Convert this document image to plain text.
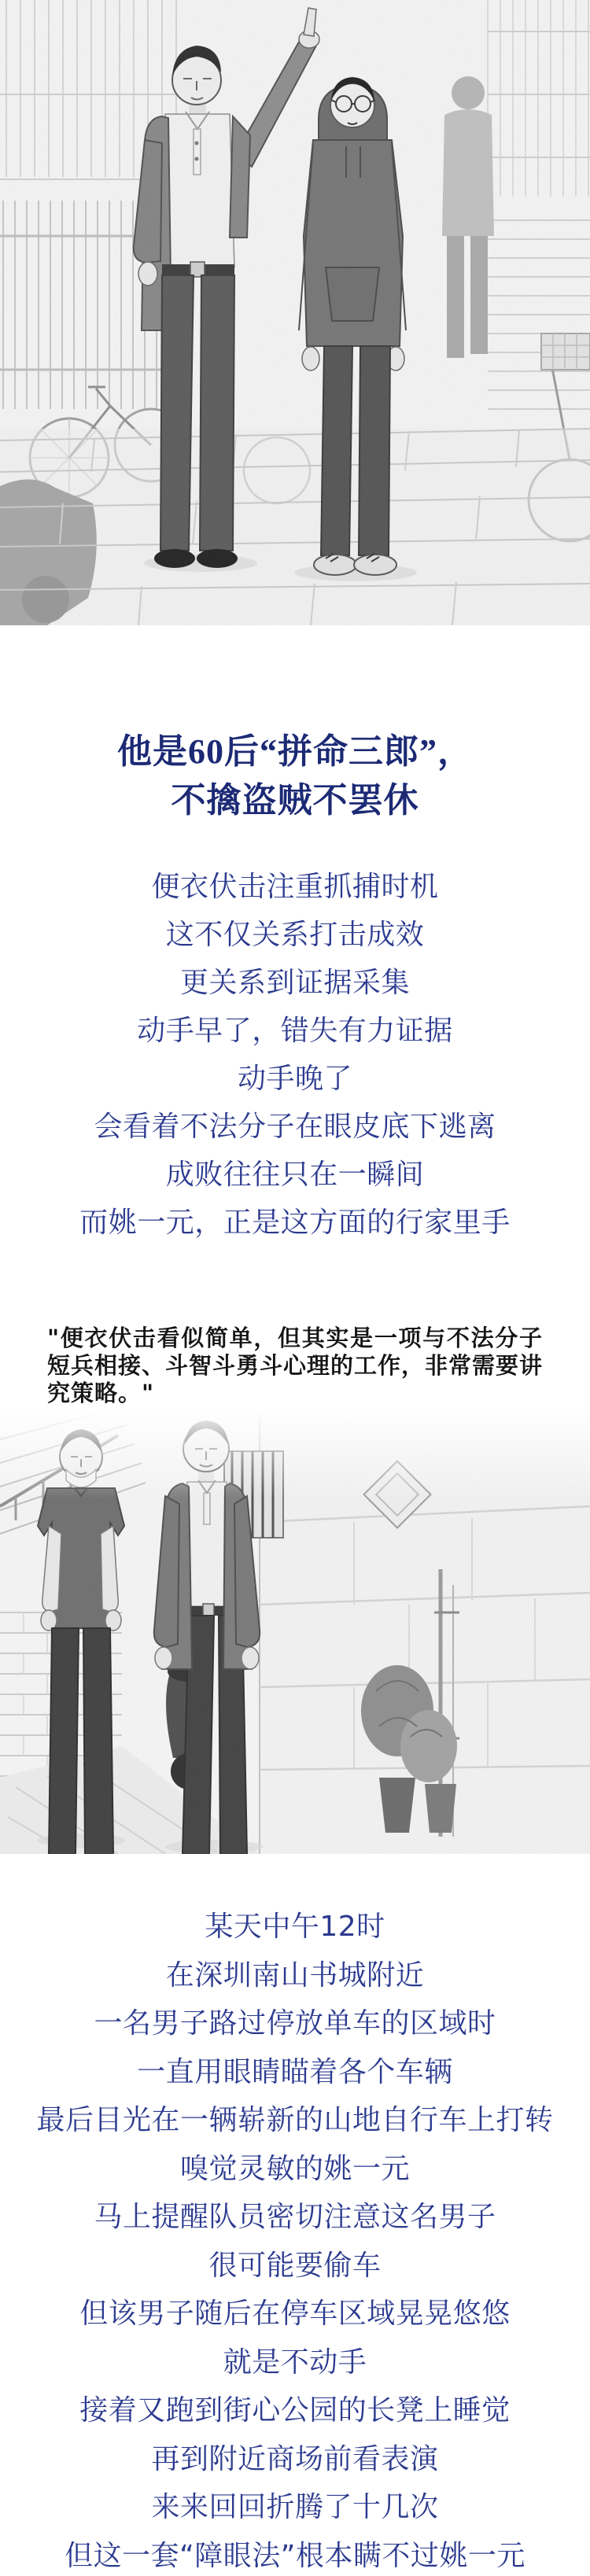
他是60后“拼命三郎”，
不擒盗贼不罢休
便衣伏击注重抓捕时机
这不仅关系打击成效
更关系到证据采集
动手早了，错失有力证据
动手晚了
会看着不法分子在眼皮底下逃离
成败往往只在一瞬间
而姚一元，正是这方面的行家里手

"便衣伏击看似简单，但其实是一项与不法分子短兵相接、斗智斗勇斗心理的工作，非常需要讲究策略。"

某天中午12时
在深圳南山书城附近
一名男子路过停放单车的区域时
一直用眼睛瞄着各个车辆
最后目光在一辆崭新的山地自行车上打转
嗅觉灵敏的姚一元
马上提醒队员密切注意这名男子
很可能要偷车
但该男子随后在停车区域晃晃悠悠
就是不动手
接着又跑到街心公园的长凳上睡觉
再到附近商场前看表演
来来回回折腾了十几次
但这一套“障眼法”根本瞒不过姚一元
